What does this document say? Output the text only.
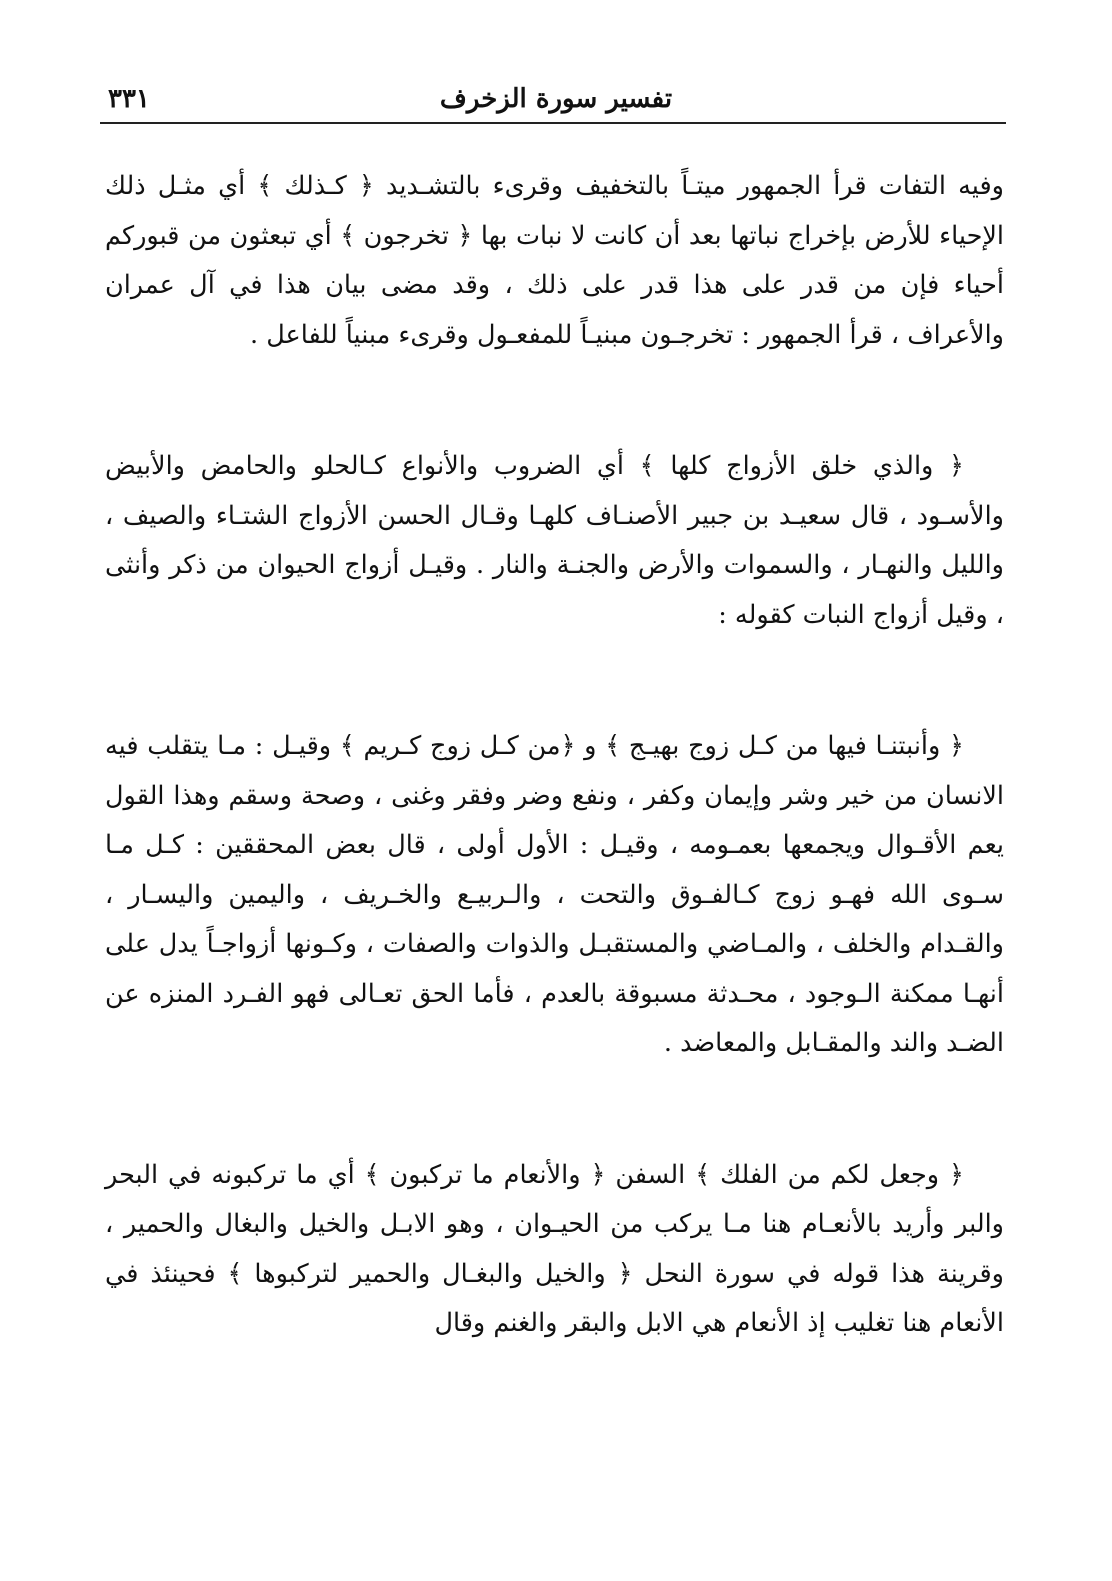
تفسير سورة الزخرف
٣٣١

وفيه التفات قرأ الجمهور ميتـاً بالتخفيف وقرىء بالتشـديد ﴿ كـذلك ﴾ أي مثـل ذلك الإحياء للأرض بإخراج نباتها بعد أن كانت لا نبات بها ﴿ تخرجون ﴾ أي تبعثون من قبوركم أحياء فإن من قدر على هذا قدر على ذلك ، وقد مضى بيان هذا في آل عمران والأعراف ، قرأ الجمهور : تخرجـون مبنيـاً للمفعـول وقرىء مبنياً للفاعل .

﴿ والذي خلق الأزواج كلها ﴾ أي الضروب والأنواع كـالحلو والحامض والأبيض والأسـود ، قال سعيـد بن جبير الأصنـاف كلهـا وقـال الحسن الأزواج الشتـاء والصيف ، والليل والنهـار ، والسموات والأرض والجنـة والنار . وقيـل أزواج الحيوان من ذكر وأنثى ، وقيل أزواج النبات كقوله :

﴿ وأنبتنـا فيها من كـل زوج بهيـج ﴾ و ﴿من كـل زوج كـريم ﴾ وقيـل : مـا يتقلب فيه الانسان من خير وشر وإيمان وكفر ، ونفع وضر وفقر وغنى ، وصحة وسقم وهذا القول يعم الأقـوال ويجمعها بعمـومه ، وقيـل : الأول أولى ، قال بعض المحققين : كـل مـا سـوى الله فهـو زوج كـالفـوق والتحت ، والـربيـع والخـريف ، واليمين واليسـار ، والقـدام والخلف ، والمـاضي والمستقبـل والذوات والصفات ، وكـونها أزواجـاً يدل على أنهـا ممكنة الـوجود ، محـدثة مسبوقة بالعدم ، فأما الحق تعـالى فهو الفـرد المنزه عن الضـد والند والمقـابل والمعاضد .

﴿ وجعل لكم من الفلك ﴾ السفن ﴿ والأنعام ما تركبون ﴾ أي ما تركبونه في البحر والبر وأريد بالأنعـام هنا مـا يركب من الحيـوان ، وهو الابـل والخيل والبغال والحمير ، وقرينة هذا قوله في سورة النحل ﴿ والخيل والبغـال والحمير لتركبوها ﴾ فحينئذ في الأنعام هنا تغليب إذ الأنعام هي الابل والبقر والغنم وقال
